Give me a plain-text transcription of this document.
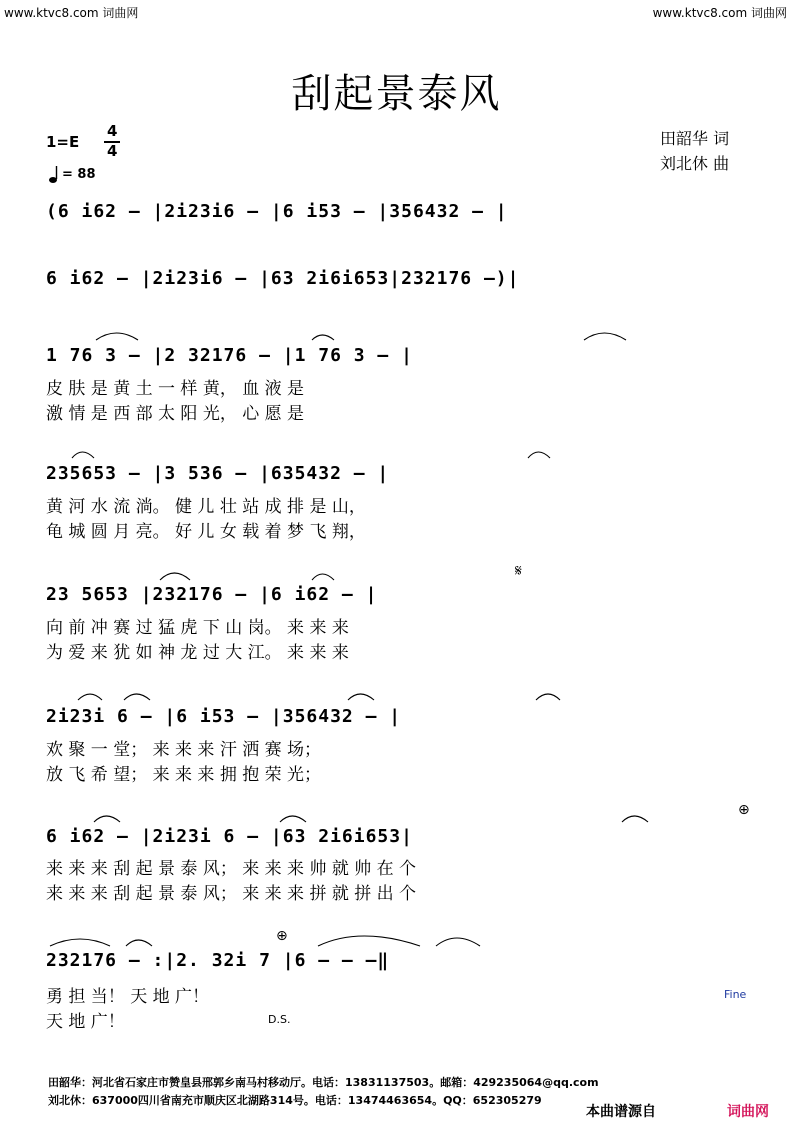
www.ktvc8.com 词曲网	www.ktvc8.com 词曲网
刮起景泰风
田韶华 词
刘北休 曲
1=E
4
4
= 88
(6 i62 – |2i23i6 – |6 i53 – |356432 – |
6 i62 – |2i23i6 – |63 2i6i653|232176 –)|
1 76 3 – |2 32176 – |1 76 3 – |
皮 肤 是 黄 土 一 样 黄， 血 液 是
激 情 是 西 部 太 阳 光， 心 愿 是
235653 – |3 536 – |635432 – |
黄 河 水 流 淌。 健 儿 壮 站 成 排 是 山，
龟 城 圆 月 亮。 好 儿 女 载 着 梦 飞 翔，
𝄋
23 5653 |232176 – |6 i62 – |
向 前 冲 赛 过 猛 虎 下 山 岗。 来 来 来
为 爱 来 犹 如 神 龙 过 大 江。 来 来 来
2i23i 6 – |6 i53 – |356432 – |
欢 聚 一 堂； 来 来 来 汗 洒 赛 场；
放 飞 希 望； 来 来 来 拥 抱 荣 光；
⊕
6 i62 – |2i23i 6 – |63 2i6i653|
来 来 来 刮 起 景 泰 风； 来 来 来 帅 就 帅 在 个
来 来 来 刮 起 景 泰 风； 来 来 来 拼 就 拼 出 个
⊕
232176 – :|2. 32i 7 |6 – – –‖
勇 担 当！ 天 地 广！
天 地 广！	D.S.
Fine
田韶华：河北省石家庄市赞皇县邢郭乡南马村移动厅。电话：13831137503。邮箱：429235064@qq.com
刘北休：637000四川省南充市顺庆区北湖路314号。电话：13474463654。QQ：652305279
本曲谱源自	词曲网
